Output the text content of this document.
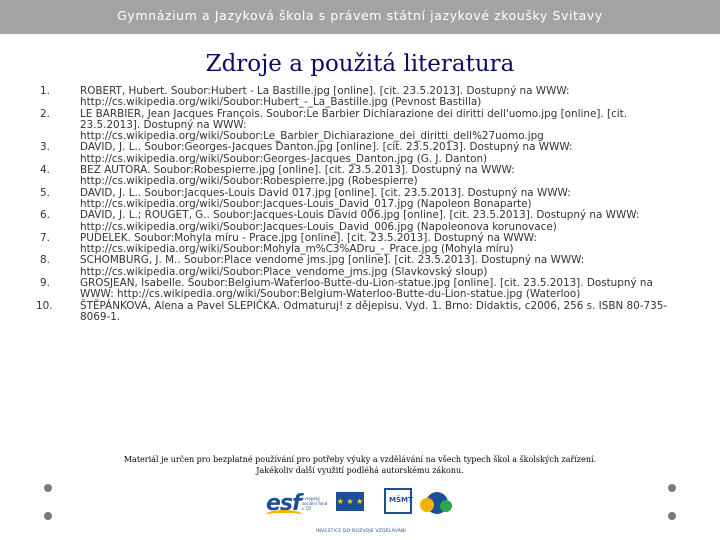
Gymnázium a Jazyková škola s právem státní jazykové zkoušky Svitavy
Zdroje a použitá literatura
1.	ROBERT, Hubert. Soubor:Hubert - La Bastille.jpg [online]. [cit. 23.5.2013]. Dostupný na WWW: http://cs.wikipedia.org/wiki/Soubor:Hubert_-_La_Bastille.jpg (Pevnost Bastilla)
2.	LE BARBIER, Jean Jacques François. Soubor:Le Barbier Dichiarazione dei diritti dell'uomo.jpg [online]. [cit. 23.5.2013]. Dostupný na WWW: http://cs.wikipedia.org/wiki/Soubor:Le_Barbier_Dichiarazione_dei_diritti_dell%27uomo.jpg
3.	DAVID, J. L.. Soubor:Georges-Jacques Danton.jpg [online]. [cit. 23.5.2013]. Dostupný na WWW: http://cs.wikipedia.org/wiki/Soubor:Georges-Jacques_Danton.jpg (G. J. Danton)
4.	BEZ AUTORA. Soubor:Robespierre.jpg [online]. [cit. 23.5.2013]. Dostupný na WWW: http://cs.wikipedia.org/wiki/Soubor:Robespierre.jpg (Robespierre)
5.	DAVID, J. L.. Soubor:Jacques-Louis David 017.jpg [online]. [cit. 23.5.2013]. Dostupný na WWW: http://cs.wikipedia.org/wiki/Soubor:Jacques-Louis_David_017.jpg (Napoleon Bonaparte)
6.	DAVID, J. L.; ROUGET, G.. Soubor:Jacques-Louis David 006.jpg [online]. [cit. 23.5.2013]. Dostupný na WWW: http://cs.wikipedia.org/wiki/Soubor:Jacques-Louis_David_006.jpg (Napoleonova korunovace)
7.	PUDELEK. Soubor:Mohyla míru - Prace.jpg [online]. [cit. 23.5.2013]. Dostupný na WWW: http://cs.wikipedia.org/wiki/Soubor:Mohyla_m%C3%ADru_-_Prace.jpg (Mohyla míru)
8.	SCHOMBURG, J. M.. Soubor:Place vendome jms.jpg [online]. [cit. 23.5.2013]. Dostupný na WWW: http://cs.wikipedia.org/wiki/Soubor:Place_vendome_jms.jpg (Slavkovský sloup)
9.	GROSJEAN, Isabelle. Soubor:Belgium-Waterloo-Butte-du-Lion-statue.jpg [online]. [cit. 23.5.2013]. Dostupný na WWW: http://cs.wikipedia.org/wiki/Soubor:Belgium-Waterloo-Butte-du-Lion-statue.jpg (Waterloo)
10.	ŠTĚPÁNKOVÁ, Alena a Pavel SLEPIČKA. Odmaturuj! z dějepisu. Vyd. 1. Brno: Didaktis, c2006, 256 s. ISBN 80-735-8069-1.
Materiál je určen pro bezplatné používání pro potřeby výuky a vzdělávání na všech typech škol a školských zařízení.
Jakékoliv další využití podléhá autorskému zákonu.
esf evropský sociální fond v ČR
★ ★ ★	MŠMT
INVESTICE DO ROZVOJE VZDĚLÁVÁNÍ
